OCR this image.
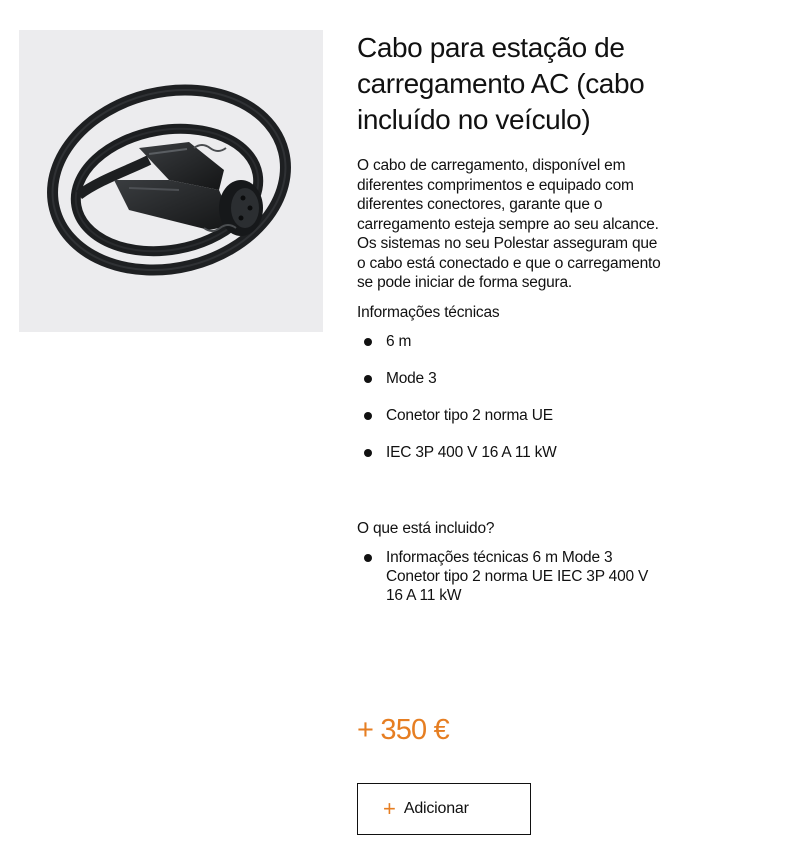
Cabo para estação de carregamento AC (cabo incluído no veículo)

O cabo de carregamento, disponível em diferentes comprimentos e equipado com diferentes conectores, garante que o carregamento esteja sempre ao seu alcance. Os sistemas no seu Polestar asseguram que o cabo está conectado e que o carregamento se pode iniciar de forma segura.

Informações técnicas
6 m
Mode 3
Conetor tipo 2 norma UE
IEC 3P 400 V 16 A 11 kW
O que está incluido?
Informações técnicas 6 m Mode 3 Conetor tipo 2 norma UE IEC 3P 400 V 16 A 11 kW
+ 350 €
+ Adicionar
